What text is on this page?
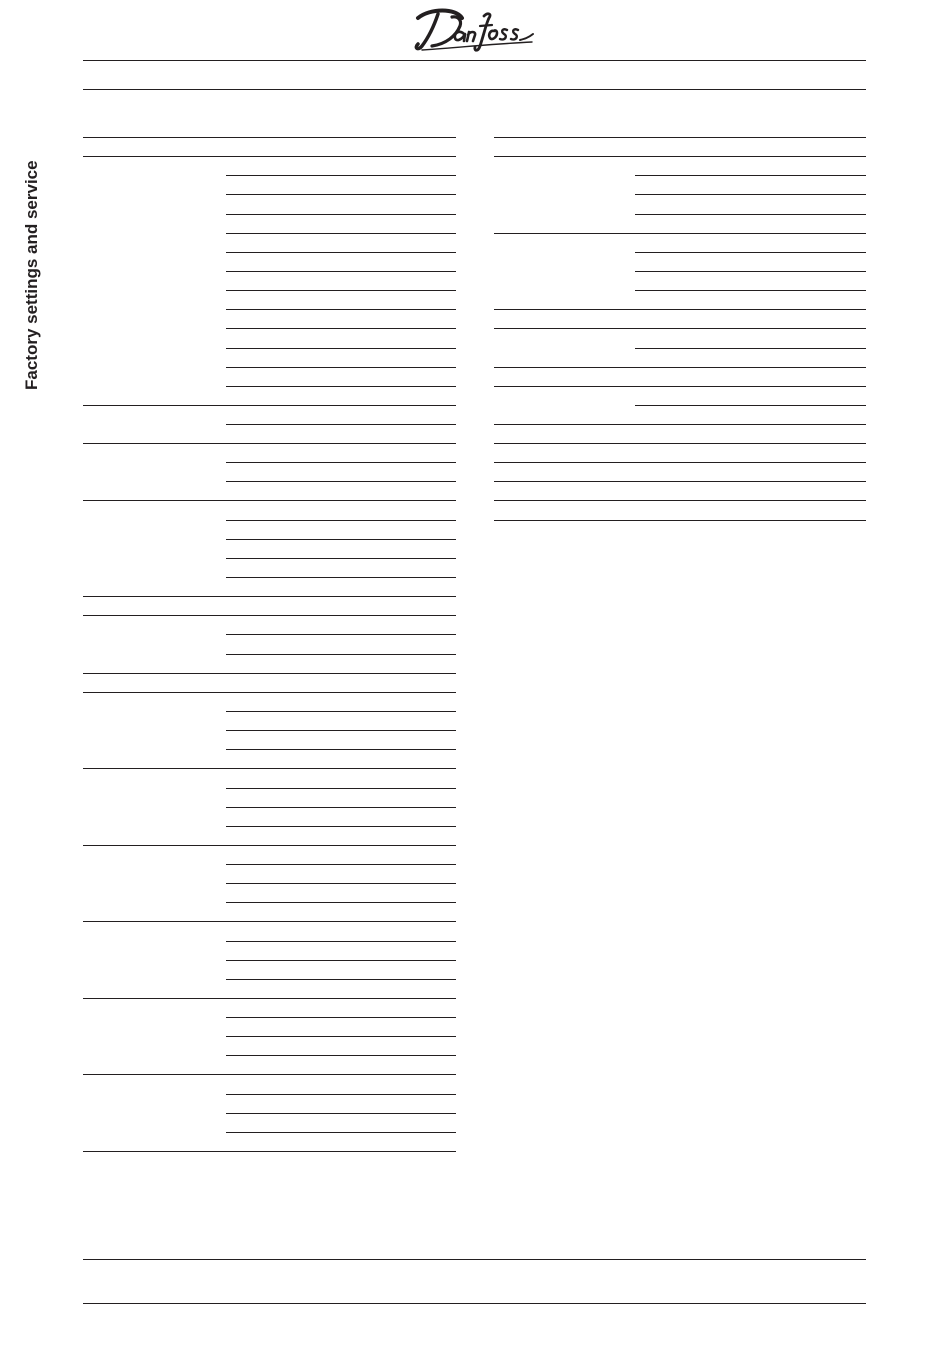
Factory settings and service
